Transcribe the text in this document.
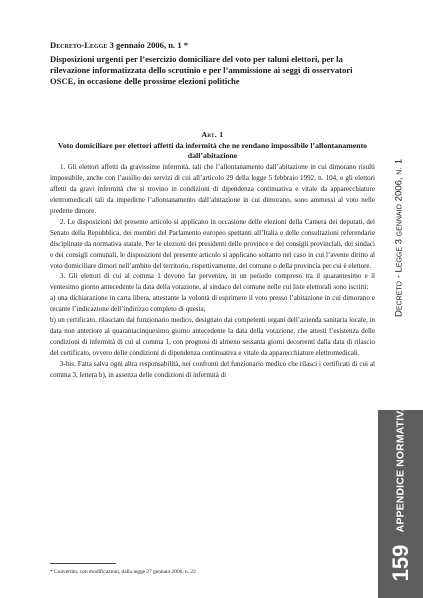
Decreto-Legge 3 gennaio 2006, n. 1 *
Disposizioni urgenti per l’esercizio domiciliare del voto per taluni elettori, per la rilevazione informatizzata dello scrutinio e per l’ammissione ai seggi di osservatori OSCE, in occasione delle prossime elezioni politiche
Art. 1
Voto domiciliare per elettori affetti da infermità che ne rendano impossibile l’allontanamento dall’abitazione

1. Gli elettori affetti da gravissime infermità, tali che l’allontanamento dall’abitazione in cui dimorano risulti impossibile, anche con l’ausilio dei servizi di cui all’articolo 29 della legge 5 febbraio 1992, n. 104, e gli elettori affetti da gravi infermità che si trovino in condizioni di dipendenza continuativa e vitale da apparecchiature elettromedicali tali da impedirne l’allontanamento dall’abitazione in cui dimorano, sono ammessi al voto nelle predette dimore.

2. Le disposizioni del presente articolo si applicano in occasione delle elezioni della Camera dei deputati, del Senato della Repubblica, dei membri del Parlamento europeo spettanti all’Italia e delle consultazioni referendarie disciplinate da normativa statale. Per le elezioni dei presidenti delle province e dei consigli provinciali, dei sindaci e dei consigli comunali, le disposizioni del presente articolo si applicano soltanto nel caso in cui l’avente diritto al voto domiciliare dimori nell’ambito del territorio, rispettivamente, del comune o della provincia per cui è elettore.

3. Gli elettori di cui al comma 1 devono far pervenire, in un periodo compreso tra il quarantesimo e il ventesimo giorno antecedente la data della votazione, al sindaco del comune nelle cui liste elettorali sono iscritti:

a) una dichiarazione in carta libera, attestante la volontà di esprimere il voto presso l’abitazione in cui dimorano e recante l’indicazione dell’indirizzo completo di questa;

b) un certificato, rilasciato dal funzionario medico, designato dai competenti organi dell’azienda sanitaria locale, in data non anteriore al quarantacinquesimo giorno antecedente la data della votazione, che attesti l’esistenza delle condizioni di infermità di cui al comma 1, con prognosi di almeno sessanta giorni decorrenti dalla data di rilascio del certificato, ovvero delle condizioni di dipendenza continuativa e vitale da apparecchiature elettromedicali.

3-bis. Fatta salva ogni altra responsabilità, nei confronti del funzionario medico che rilasci i certificati di cui al comma 3, lettera b), in assenza delle condizioni di infermità di

* Convertito, con modificazioni, dalla legge 27 gennaio 2006, n. 22
Decreto - Legge 3 gennaio 2006, n. 1
APPENDICE NORMATIVA
159
